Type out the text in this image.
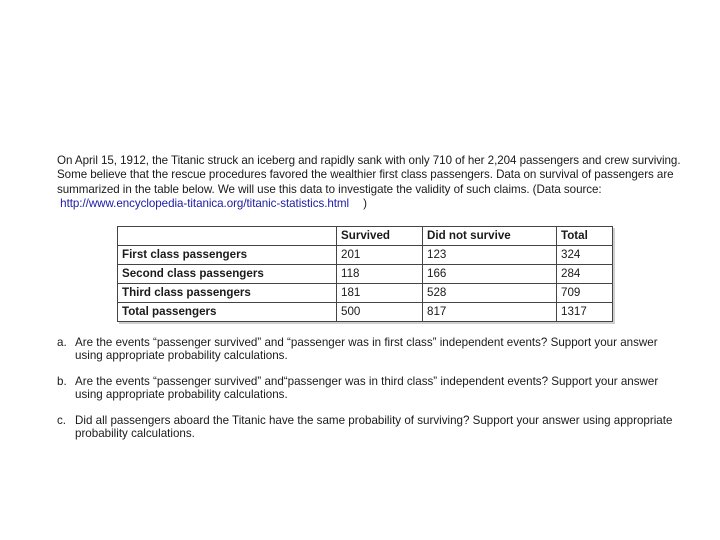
On April 15, 1912, the Titanic struck an iceberg and rapidly sank with only 710 of her 2,204 passengers and crew surviving. Some believe that the rescue procedures favored the wealthier first class passengers. Data on survival of passengers are summarized in the table below. We will use this data to investigate the validity of such claims. (Data source:
http://www.encyclopedia-titanica.org/titanic-statistics.html )

	Survived	Did not survive	Total
First class passengers	201	123	324
Second class passengers	118	166	284
Third class passengers	181	528	709
Total passengers	500	817	1317
a. Are the events “passenger survived” and “passenger was in first class” independent events? Support your answer using appropriate probability calculations.
b. Are the events “passenger survived” and“passenger was in third class” independent events? Support your answer using appropriate probability calculations.
c. Did all passengers aboard the Titanic have the same probability of surviving? Support your answer using appropriate probability calculations.
